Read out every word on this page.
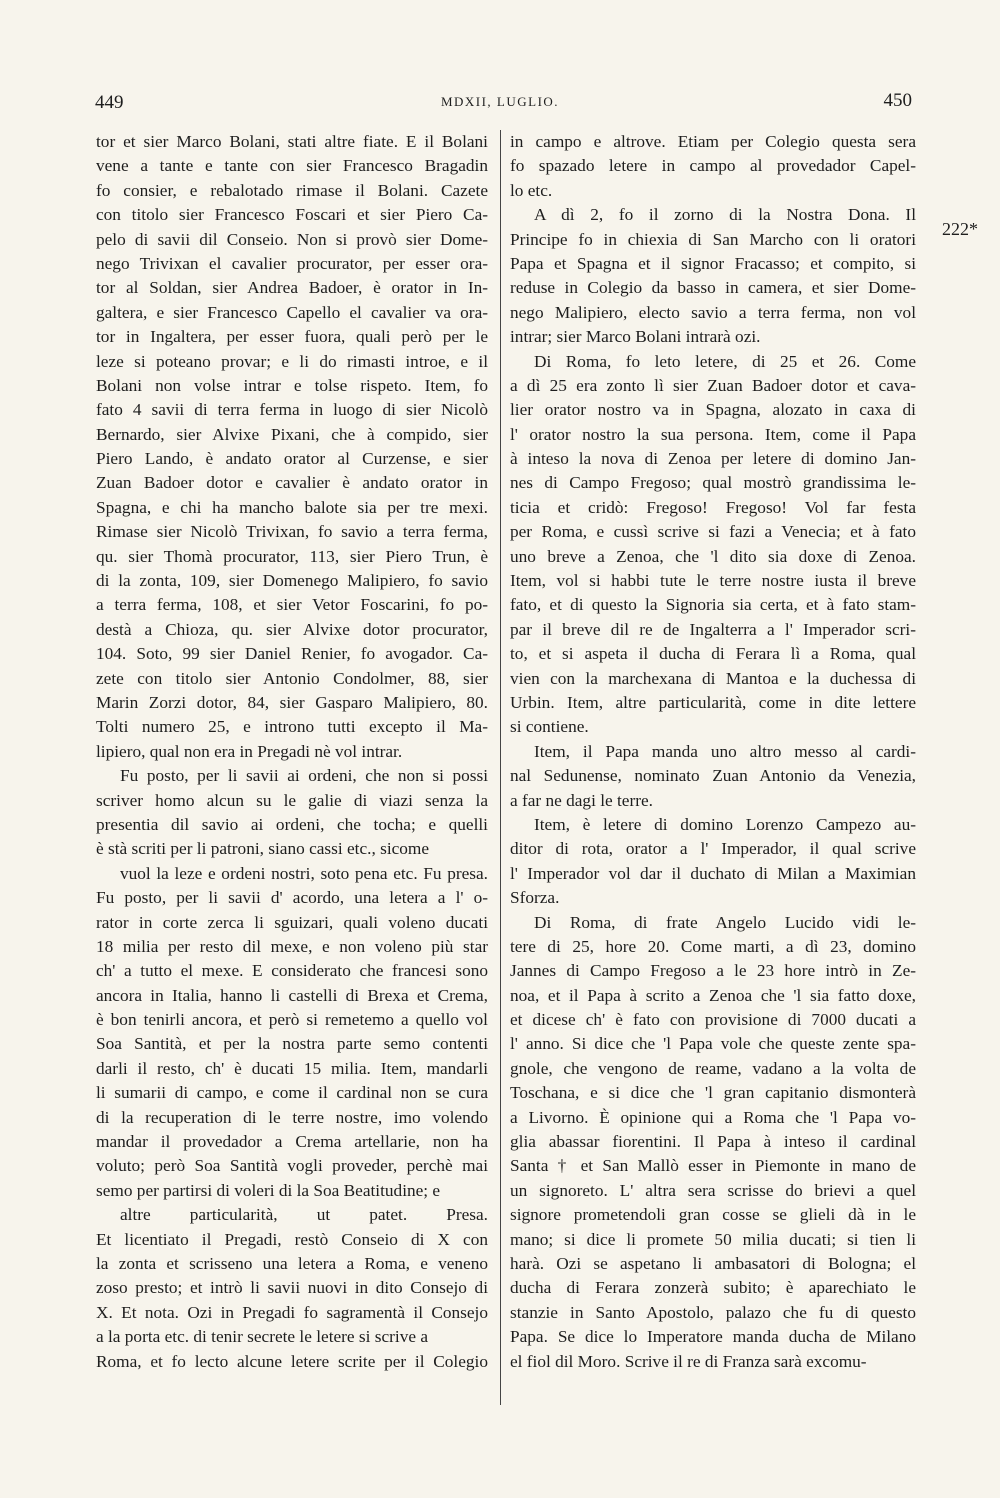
449	MDXII, LUGLIO.	450
tor et sier Marco Bolani, stati altre fiate. E il Bolani
vene a tante e tante con sier Francesco Bragadin
fo consier, e rebalotado rimase il Bolani. Cazete
con titolo sier Francesco Foscari et sier Piero Ca-
pelo di savii dil Conseio. Non si provò sier Dome-
nego Trivixan el cavalier procurator, per esser ora-
tor al Soldan, sier Andrea Badoer, è orator in In-
galtera, e sier Francesco Capello el cavalier va ora-
tor in Ingaltera, per esser fuora, quali però per le
leze si poteano provar; e li do rimasti introe, e il
Bolani non volse intrar e tolse rispeto. Item, fo
fato 4 savii di terra ferma in luogo di sier Nicolò
Bernardo, sier Alvixe Pixani, che à compido, sier
Piero Lando, è andato orator al Curzense, e sier
Zuan Badoer dotor e cavalier è andato orator in
Spagna, e chi ha mancho balote sia per tre mexi.
Rimase sier Nicolò Trivixan, fo savio a terra ferma,
qu. sier Thomà procurator, 113, sier Piero Trun, è
di la zonta, 109, sier Domenego Malipiero, fo savio
a terra ferma, 108, et sier Vetor Foscarini, fo po-
destà a Chioza, qu. sier Alvixe dotor procurator,
104. Soto, 99 sier Daniel Renier, fo avogador. Ca-
zete con titolo sier Antonio Condolmer, 88, sier
Marin Zorzi dotor, 84, sier Gasparo Malipiero, 80.
Tolti numero 25, e introno tutti excepto il Ma-
lipiero, qual non era in Pregadi nè vol intrar.
Fu posto, per li savii ai ordeni, che non si possi
scriver homo alcun su le galie di viazi senza la
presentia dil savio ai ordeni, che tocha; e quelli
è stà scriti per li patroni, siano cassi etc., sicome
vuol la leze e ordeni nostri, soto pena etc. Fu presa.
Fu posto, per li savii d' acordo, una letera a l' o-
rator in corte zerca li sguizari, quali voleno ducati
18 milia per resto dil mexe, e non voleno più star
ch' a tutto el mexe. E considerato che francesi sono
ancora in Italia, hanno li castelli di Brexa et Crema,
è bon tenirli ancora, et però si remetemo a quello vol
Soa Santità, et per la nostra parte semo contenti
darli il resto, ch' è ducati 15 milia. Item, mandarli
li sumarii di campo, e come il cardinal non se cura
di la recuperation di le terre nostre, imo volendo
mandar il provedador a Crema artellarie, non ha
voluto; però Soa Santità vogli proveder, perchè mai
semo per partirsi di voleri di la Soa Beatitudine; e
altre particularità, ut patet. Presa.
Et licentiato il Pregadi, restò Conseio di X con
la zonta et scrisseno una letera a Roma, e veneno
zoso presto; et intrò li savii nuovi in dito Consejo di
X. Et nota. Ozi in Pregadi fo sagramentà il Consejo
a la porta etc. di tenir secrete le letere si scrive a
Roma, et fo lecto alcune letere scrite per il Colegio
in campo e altrove. Etiam per Colegio questa sera
fo spazado letere in campo al provedador Capel-
lo etc.
A dì 2, fo il zorno di la Nostra Dona. Il
Principe fo in chiexia di San Marcho con li oratori
Papa et Spagna et il signor Fracasso; et compito, si
reduse in Colegio da basso in camera, et sier Dome-
nego Malipiero, electo savio a terra ferma, non vol
intrar; sier Marco Bolani intrarà ozi.
Di Roma, fo leto letere, di 25 et 26. Come
a dì 25 era zonto lì sier Zuan Badoer dotor et cava-
lier orator nostro va in Spagna, alozato in caxa di
l' orator nostro la sua persona. Item, come il Papa
à inteso la nova di Zenoa per letere di domino Jan-
nes di Campo Fregoso; qual mostrò grandissima le-
ticia et cridò: Fregoso! Fregoso! Vol far festa
per Roma, e cussì scrive si fazi a Venecia; et à fato
uno breve a Zenoa, che 'l dito sia doxe di Zenoa.
Item, vol si habbi tute le terre nostre iusta il breve
fato, et di questo la Signoria sia certa, et à fato stam-
par il breve dil re de Ingalterra a l' Imperador scri-
to, et si aspeta il ducha di Ferara lì a Roma, qual
vien con la marchexana di Mantoa e la duchessa di
Urbin. Item, altre particularità, come in dite lettere
si contiene.
Item, il Papa manda uno altro messo al cardi-
nal Sedunense, nominato Zuan Antonio da Venezia,
a far ne dagi le terre.
Item, è letere di domino Lorenzo Campezo au-
ditor di rota, orator a l' Imperador, il qual scrive
l' Imperador vol dar il duchato di Milan a Maximian
Sforza.
Di Roma, di frate Angelo Lucido vidi le-
tere di 25, hore 20. Come marti, a dì 23, domino
Jannes di Campo Fregoso a le 23 hore intrò in Ze-
noa, et il Papa à scrito a Zenoa che 'l sia fatto doxe,
et dicese ch' è fato con provisione di 7000 ducati a
l' anno. Si dice che 'l Papa vole che queste zente spa-
gnole, che vengono de reame, vadano a la volta de
Toschana, e si dice che 'l gran capitanio dismonterà
a Livorno. È opinione qui a Roma che 'l Papa vo-
glia abassar fiorentini. Il Papa à inteso il cardinal
Santa † et San Mallò esser in Piemonte in mano de
un signoreto. L' altra sera scrisse do brievi a quel
signore prometendoli gran cosse se glieli dà in le
mano; si dice li promete 50 milia ducati; si tien li
harà. Ozi se aspetano li ambasatori di Bologna; el
ducha di Ferara zonzerà subito; è aparechiato le
stanzie in Santo Apostolo, palazo che fu di questo
Papa. Se dice lo Imperatore manda ducha de Milano
el fiol dil Moro. Scrive il re di Franza sarà excomu-
222*
